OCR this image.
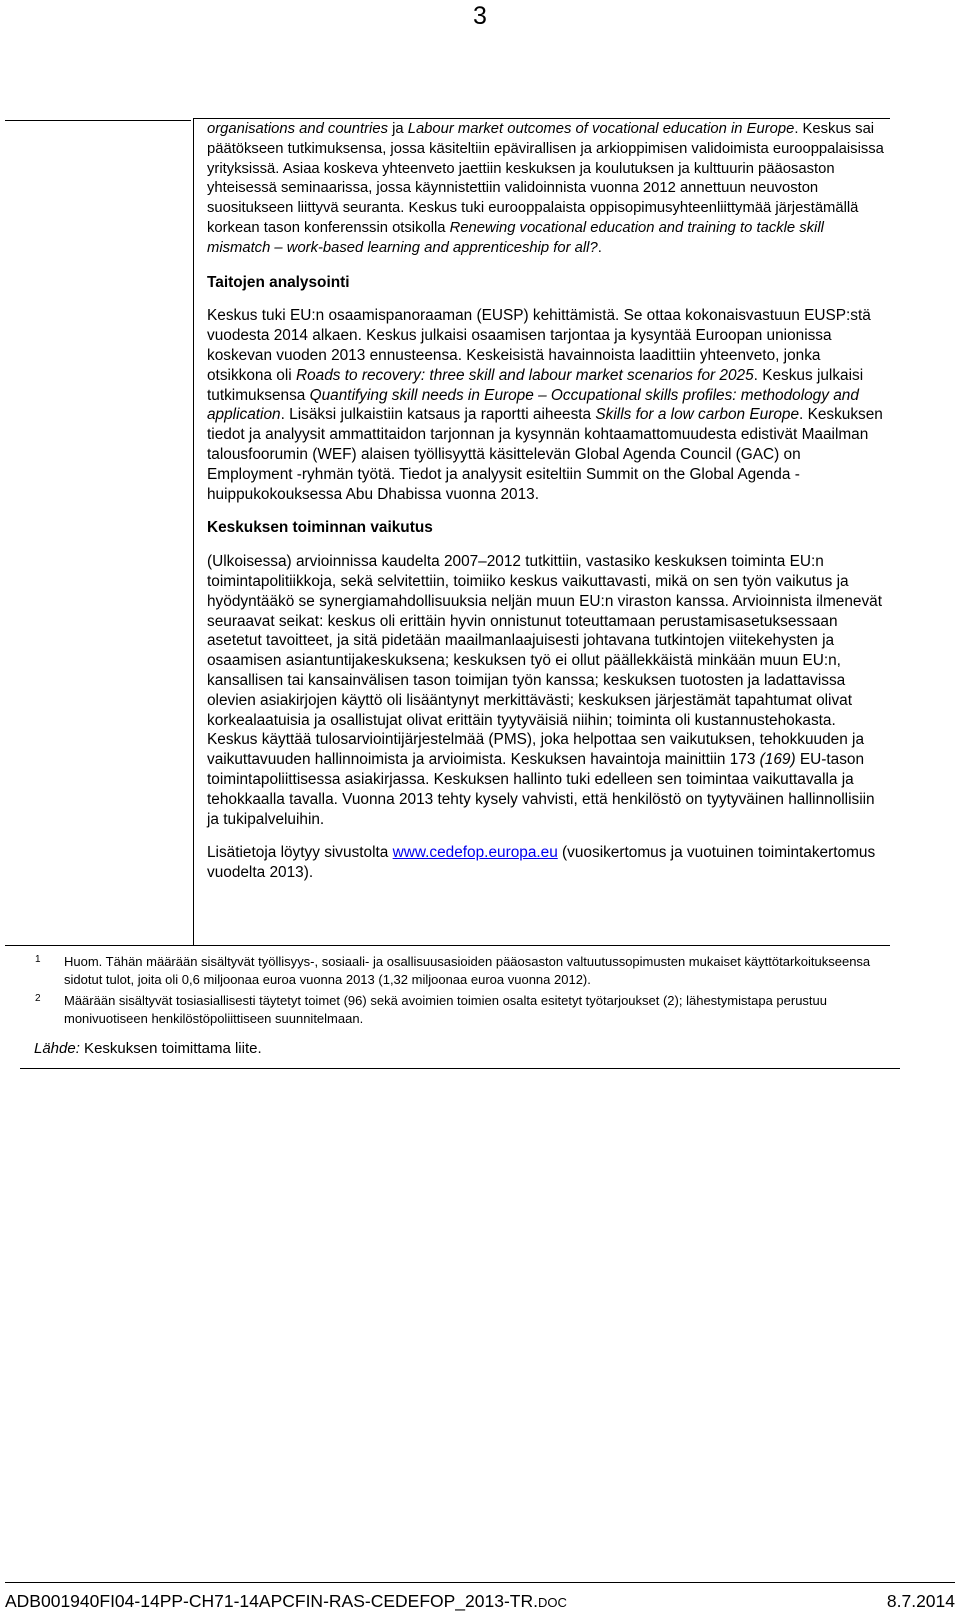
3

organisations and countries ja Labour market outcomes of vocational education in Europe. Keskus sai päätökseen tutkimuksensa, jossa käsiteltiin epävirallisen ja arkioppimisen validoimista eurooppalaisissa yrityksissä. Asiaa koskeva yhteenveto jaettiin keskuksen ja koulutuksen ja kulttuurin pääosaston yhteisessä seminaarissa, jossa käynnistettiin validoinnista vuonna 2012 annettuun neuvoston suositukseen liittyvä seuranta. Keskus tuki eurooppalaista oppisopimusyhteenliittymää järjestämällä korkean tason konferenssin otsikolla Renewing vocational education and training to tackle skill mismatch – work-based learning and apprenticeship for all?.

Taitojen analysointi

Keskus tuki EU:n osaamispanoraaman (EUSP) kehittämistä. Se ottaa kokonaisvastuun EUSP:stä vuodesta 2014 alkaen. Keskus julkaisi osaamisen tarjontaa ja kysyntää Euroopan unionissa koskevan vuoden 2013 ennusteensa. Keskeisistä havainnoista laadittiin yhteenveto, jonka otsikkona oli Roads to recovery: three skill and labour market scenarios for 2025. Keskus julkaisi tutkimuksensa Quantifying skill needs in Europe – Occupational skills profiles: methodology and application. Lisäksi julkaistiin katsaus ja raportti aiheesta Skills for a low carbon Europe. Keskuksen tiedot ja analyysit ammattitaidon tarjonnan ja kysynnän kohtaamattomuudesta edistivät Maailman talousfoorumin (WEF) alaisen työllisyyttä käsittelevän Global Agenda Council (GAC) on Employment -ryhmän työtä. Tiedot ja analyysit esiteltiin Summit on the Global Agenda -huippukokouksessa Abu Dhabissa vuonna 2013.

Keskuksen toiminnan vaikutus

(Ulkoisessa) arvioinnissa kaudelta 2007–2012 tutkittiin, vastasiko keskuksen toiminta EU:n toimintapolitiikkoja, sekä selvitettiin, toimiiko keskus vaikuttavasti, mikä on sen työn vaikutus ja hyödyntääkö se synergiamahdollisuuksia neljän muun EU:n viraston kanssa. Arvioinnista ilmenevät seuraavat seikat: keskus oli erittäin hyvin onnistunut toteuttamaan perustamisasetuksessaan asetetut tavoitteet, ja sitä pidetään maailmanlaajuisesti johtavana tutkintojen viitekehysten ja osaamisen asiantuntijakeskuksena; keskuksen työ ei ollut päällekkäistä minkään muun EU:n, kansallisen tai kansainvälisen tason toimijan työn kanssa; keskuksen tuotosten ja ladattavissa olevien asiakirjojen käyttö oli lisääntynyt merkittävästi; keskuksen järjestämät tapahtumat olivat korkealaatuisia ja osallistujat olivat erittäin tyytyväisiä niihin; toiminta oli kustannustehokasta. Keskus käyttää tulosarviointijärjestelmää (PMS), joka helpottaa sen vaikutuksen, tehokkuuden ja vaikuttavuuden hallinnoimista ja arvioimista. Keskuksen havaintoja mainittiin 173 (169) EU-tason toimintapoliittisessa asiakirjassa. Keskuksen hallinto tuki edelleen sen toimintaa vaikuttavalla ja tehokkaalla tavalla. Vuonna 2013 tehty kysely vahvisti, että henkilöstö on tyytyväinen hallinnollisiin ja tukipalveluihin.

Lisätietoja löytyy sivustolta www.cedefop.europa.eu (vuosikertomus ja vuotuinen toimintakertomus vuodelta 2013).

1 Huom. Tähän määrään sisältyvät työllisyys-, sosiaali- ja osallisuusasioiden pääosaston valtuutussopimusten mukaiset käyttötarkoitukseensa sidotut tulot, joita oli 0,6 miljoonaa euroa vuonna 2013 (1,32 miljoonaa euroa vuonna 2012).
2 Määrään sisältyvät tosiasiallisesti täytetyt toimet (96) sekä avoimien toimien osalta esitetyt työtarjoukset (2); lähestymistapa perustuu monivuotiseen henkilöstöpoliittiseen suunnitelmaan.
Lähde: Keskuksen toimittama liite.
ADB001940FI04-14PP-CH71-14APCFIN-RAS-CEDEFOP_2013-TR.DOC	8.7.2014
